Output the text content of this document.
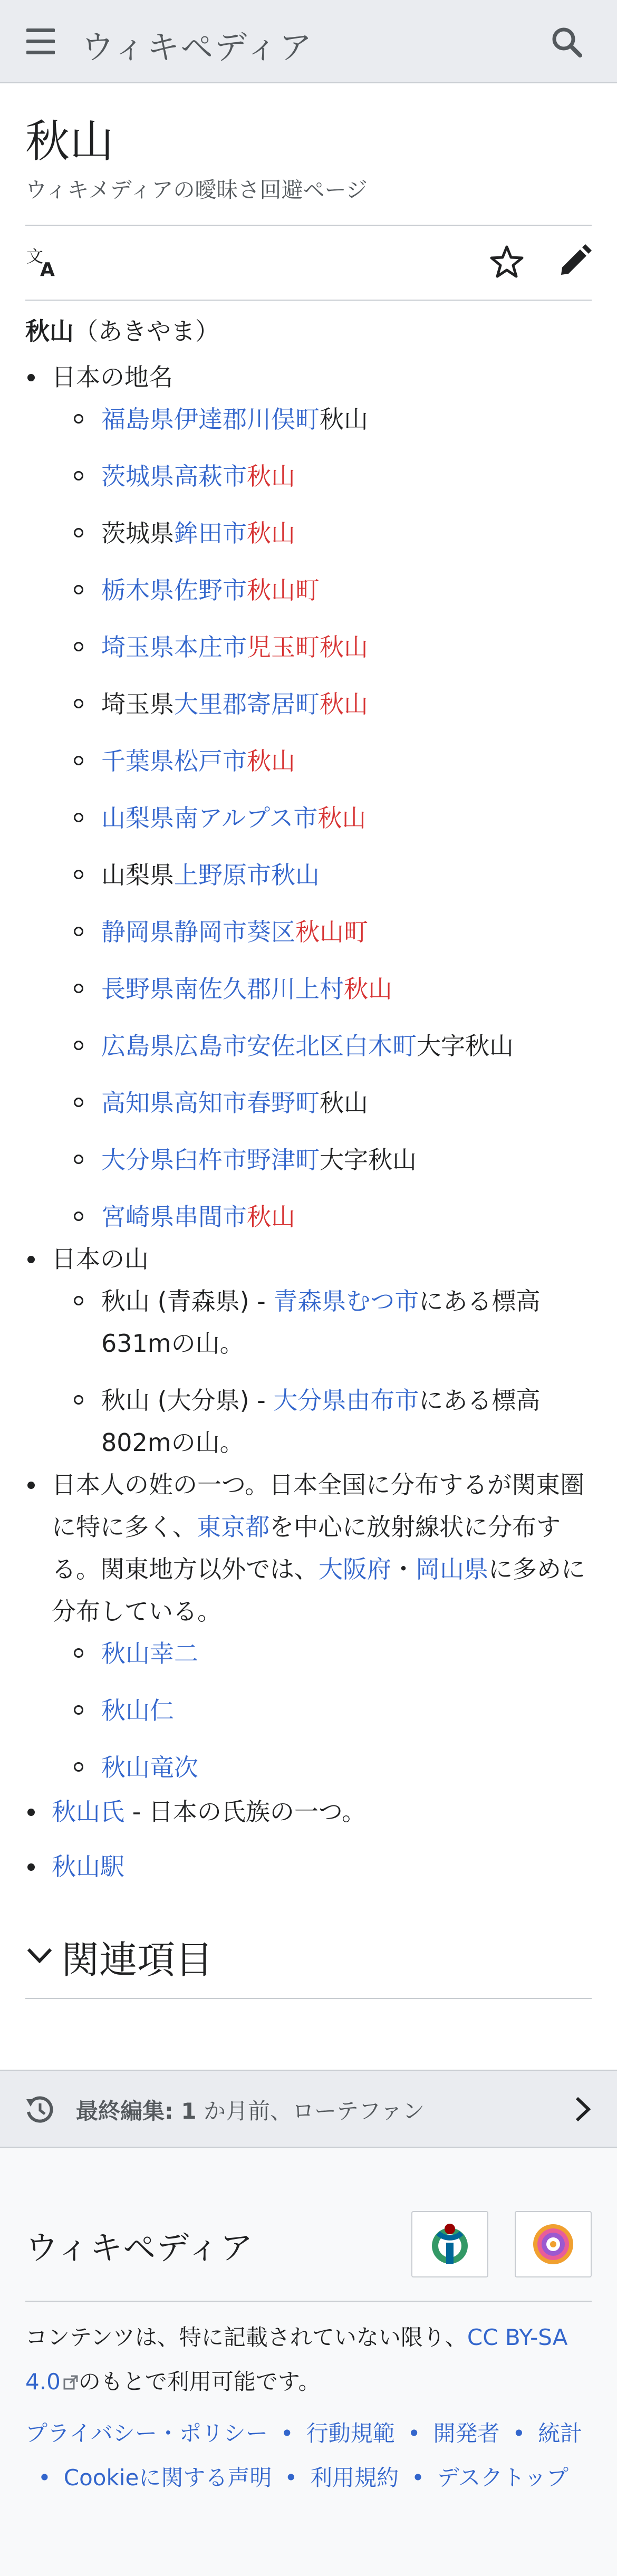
ウィキペディア
秋山
ウィキメディアの曖昧さ回避ページ
文
A

秋山（あきやま）

日本の地名
福島県伊達郡川俣町秋山
茨城県高萩市秋山
茨城県鉾田市秋山
栃木県佐野市秋山町
埼玉県本庄市児玉町秋山
埼玉県大里郡寄居町秋山
千葉県松戸市秋山
山梨県南アルプス市秋山
山梨県上野原市秋山
静岡県静岡市葵区秋山町
長野県南佐久郡川上村秋山
広島県広島市安佐北区白木町大字秋山
高知県高知市春野町秋山
大分県臼杵市野津町大字秋山
宮崎県串間市秋山
日本の山
秋山 (青森県) - 青森県むつ市にある標高631mの山。
秋山 (大分県) - 大分県由布市にある標高802mの山。
日本人の姓の一つ。日本全国に分布するが関東圏に特に多く、東京都を中心に放射線状に分布する。関東地方以外では、大阪府・岡山県に多めに分布している。
秋山幸二
秋山仁
秋山竜次
秋山氏 - 日本の氏族の一つ。
秋山駅
関連項目
最終編集: 1 か月前、ローテファン
ウィキペディア
コンテンツは、特に記載されていない限り、CC BY-SA 4.0 のもとで利用可能です。
プライバシー・ポリシー • 行動規範 • 開発者 • 統計• Cookieに関する声明 • 利用規約 • デスクトップ
